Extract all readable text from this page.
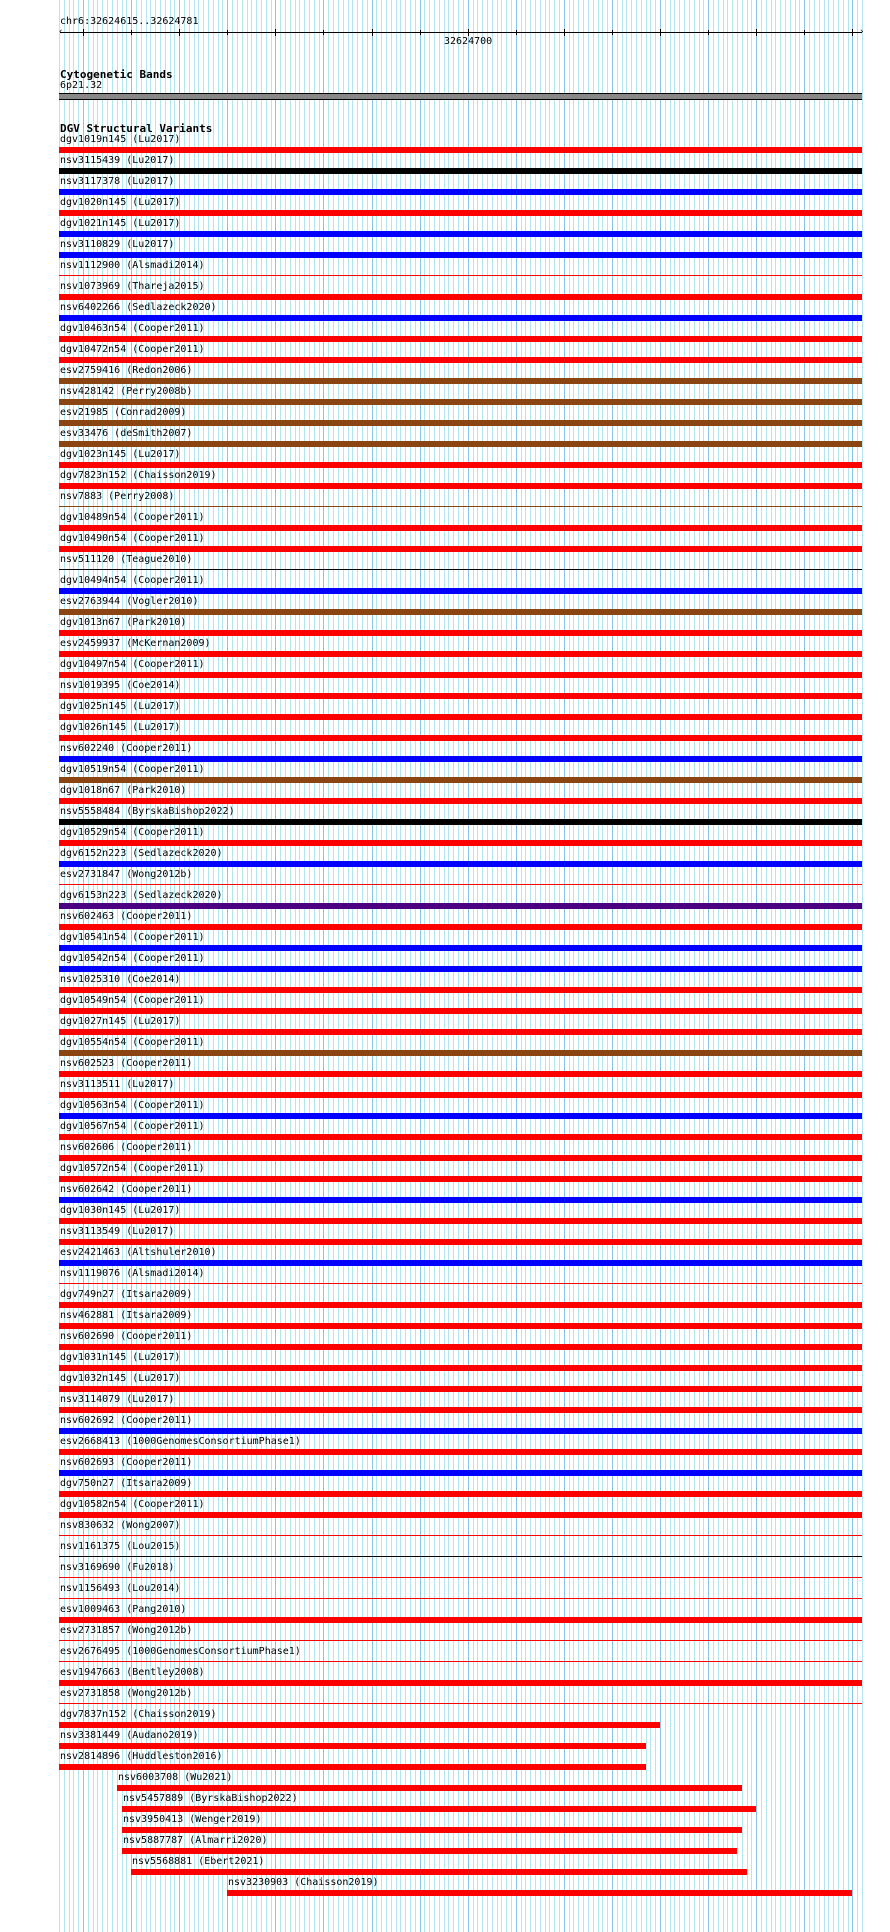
chr6:32624615..32624781
‹	›
32624700
Cytogenetic Bands
6p21.32
DGV Structural Variants
dgv1019n145 (Lu2017)
nsv3115439 (Lu2017)
nsv3117378 (Lu2017)
dgv1020n145 (Lu2017)
dgv1021n145 (Lu2017)
nsv3110829 (Lu2017)
nsv1112900 (Alsmadi2014)
nsv1073969 (Thareja2015)
nsv6402266 (Sedlazeck2020)
dgv10463n54 (Cooper2011)
dgv10472n54 (Cooper2011)
esv2759416 (Redon2006)
nsv428142 (Perry2008b)
esv21985 (Conrad2009)
esv33476 (deSmith2007)
dgv1023n145 (Lu2017)
dgv7823n152 (Chaisson2019)
nsv7883 (Perry2008)
dgv10489n54 (Cooper2011)
dgv10490n54 (Cooper2011)
nsv511120 (Teague2010)
dgv10494n54 (Cooper2011)
esv2763944 (Vogler2010)
dgv1013n67 (Park2010)
esv2459937 (McKernan2009)
dgv10497n54 (Cooper2011)
nsv1019395 (Coe2014)
dgv1025n145 (Lu2017)
dgv1026n145 (Lu2017)
nsv602240 (Cooper2011)
dgv10519n54 (Cooper2011)
dgv1018n67 (Park2010)
nsv5558484 (ByrskaBishop2022)
dgv10529n54 (Cooper2011)
dgv6152n223 (Sedlazeck2020)
esv2731847 (Wong2012b)
dgv6153n223 (Sedlazeck2020)
nsv602463 (Cooper2011)
dgv10541n54 (Cooper2011)
dgv10542n54 (Cooper2011)
nsv1025310 (Coe2014)
dgv10549n54 (Cooper2011)
dgv1027n145 (Lu2017)
dgv10554n54 (Cooper2011)
nsv602523 (Cooper2011)
nsv3113511 (Lu2017)
dgv10563n54 (Cooper2011)
dgv10567n54 (Cooper2011)
nsv602606 (Cooper2011)
dgv10572n54 (Cooper2011)
nsv602642 (Cooper2011)
dgv1030n145 (Lu2017)
nsv3113549 (Lu2017)
esv2421463 (Altshuler2010)
nsv1119076 (Alsmadi2014)
dgv749n27 (Itsara2009)
nsv462881 (Itsara2009)
nsv602690 (Cooper2011)
dgv1031n145 (Lu2017)
dgv1032n145 (Lu2017)
nsv3114079 (Lu2017)
nsv602692 (Cooper2011)
esv2668413 (1000GenomesConsortiumPhase1)
nsv602693 (Cooper2011)
dgv750n27 (Itsara2009)
dgv10582n54 (Cooper2011)
nsv830632 (Wong2007)
nsv1161375 (Lou2015)
nsv3169690 (Fu2018)
nsv1156493 (Lou2014)
esv1009463 (Pang2010)
esv2731857 (Wong2012b)
esv2676495 (1000GenomesConsortiumPhase1)
esv1947663 (Bentley2008)
esv2731858 (Wong2012b)
dgv7837n152 (Chaisson2019)
nsv3381449 (Audano2019)
nsv2814896 (Huddleston2016)
nsv6003708 (Wu2021)
nsv5457889 (ByrskaBishop2022)
nsv3950413 (Wenger2019)
nsv5887787 (Almarri2020)
nsv5568881 (Ebert2021)
nsv3230903 (Chaisson2019)
